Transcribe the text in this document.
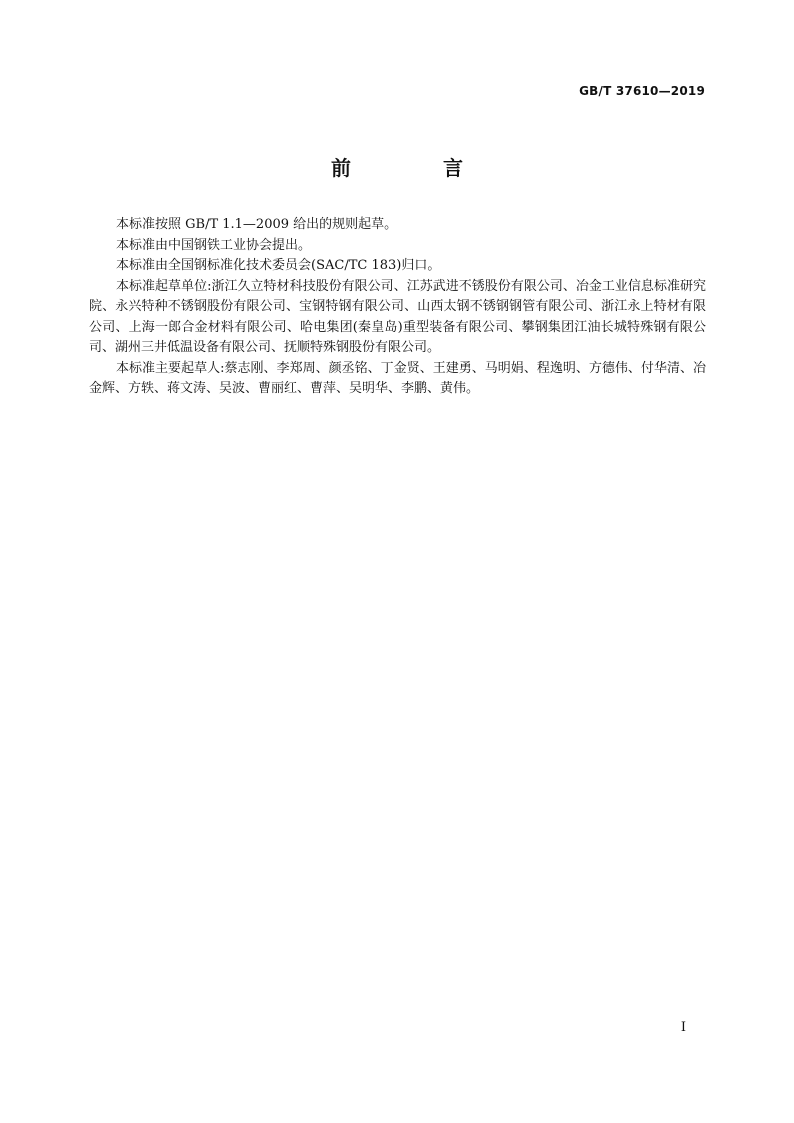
GB/T 37610—2019
前　言

本标准按照 GB/T 1.1—2009 给出的规则起草。

本标准由中国钢铁工业协会提出。

本标准由全国钢标准化技术委员会(SAC/TC 183)归口。

本标准起草单位:浙江久立特材科技股份有限公司、江苏武进不锈股份有限公司、冶金工业信息标准研究院、永兴特种不锈钢股份有限公司、宝钢特钢有限公司、山西太钢不锈钢钢管有限公司、浙江永上特材有限公司、上海一郎合金材料有限公司、哈电集团(秦皇岛)重型装备有限公司、攀钢集团江油长城特殊钢有限公司、湖州三井低温设备有限公司、抚顺特殊钢股份有限公司。

本标准主要起草人:蔡志刚、李郑周、颜丞铭、丁金贤、王建勇、马明娟、程逸明、方德伟、付华清、冶金辉、方轶、蒋文涛、吴波、曹丽红、曹萍、吴明华、李鹏、黄伟。

I
